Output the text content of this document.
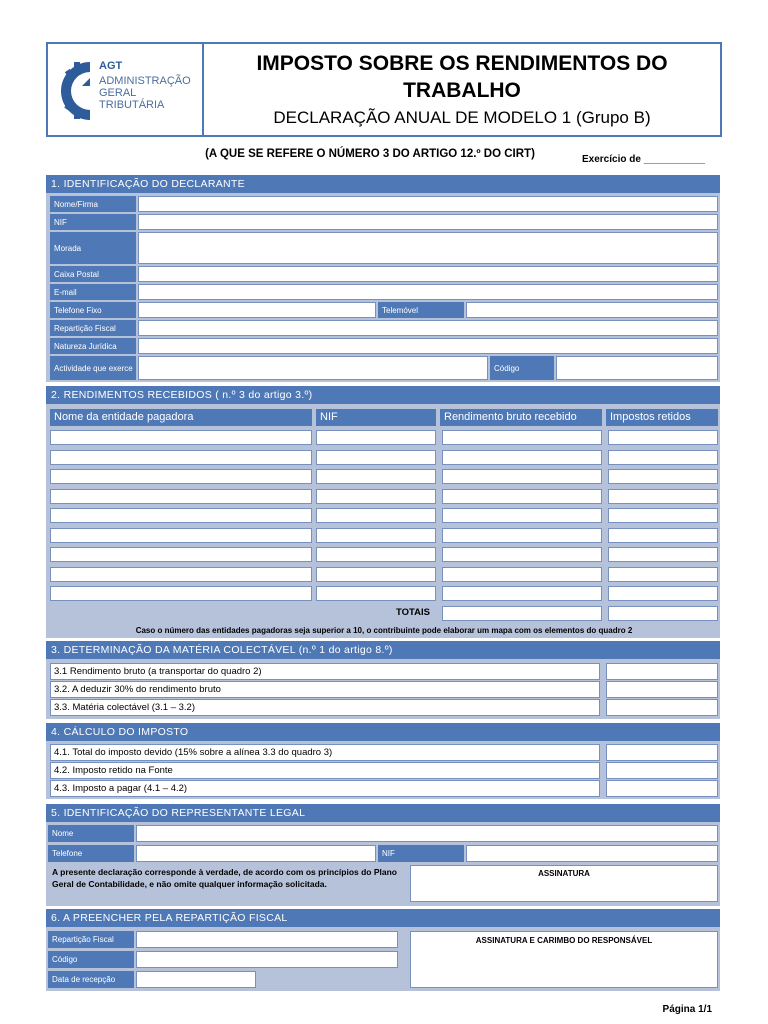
AGT
ADMINISTRAÇÃO
GERAL
TRIBUTÁRIA
IMPOSTO SOBRE OS RENDIMENTOS DO TRABALHO
DECLARAÇÃO ANUAL DE MODELO 1 (Grupo B)
(A QUE SE REFERE O NÚMERO 3 DO ARTIGO 12.º DO CIRT)	Exercício de ___________
1. IDENTIFICAÇÃO DO DECLARANTE
Nome/Firma
NIF
Morada
Caixa Postal
E-mail
Telefone Fixo	Telemóvel
Repartição Fiscal
Natureza Jurídica
Actividade que exerce	Código
2. RENDIMENTOS RECEBIDOS ( n.º 3 do artigo 3.º)
Nome da entidade pagadora	NIF	Rendimento bruto recebido	Impostos retidos
TOTAIS
Caso o número das entidades pagadoras seja superior a 10, o contribuinte pode elaborar um mapa com os elementos do quadro 2
3. DETERMINAÇÃO DA MATÉRIA COLECTÁVEL (n.º 1 do artigo 8.º)
3.1 Rendimento bruto (a transportar do quadro 2)
3.2. A deduzir 30% do rendimento bruto
3.3. Matéria colectável (3.1 – 3.2)
4. CÁLCULO DO IMPOSTO
4.1. Total do imposto devido (15% sobre a alínea 3.3 do quadro 3)
4.2. Imposto retido na Fonte
4.3. Imposto a pagar (4.1 – 4.2)
5. IDENTIFICAÇÃO DO REPRESENTANTE LEGAL
Nome
Telefone	NIF
A presente declaração corresponde à verdade, de acordo com os princípios do Plano Geral de Contabilidade, e não omite qualquer informação solicitada.
ASSINATURA
6. A PREENCHER PELA REPARTIÇÃO FISCAL
Repartição Fiscal
Código
Data de recepção
ASSINATURA E CARIMBO DO RESPONSÁVEL
Página 1/1
